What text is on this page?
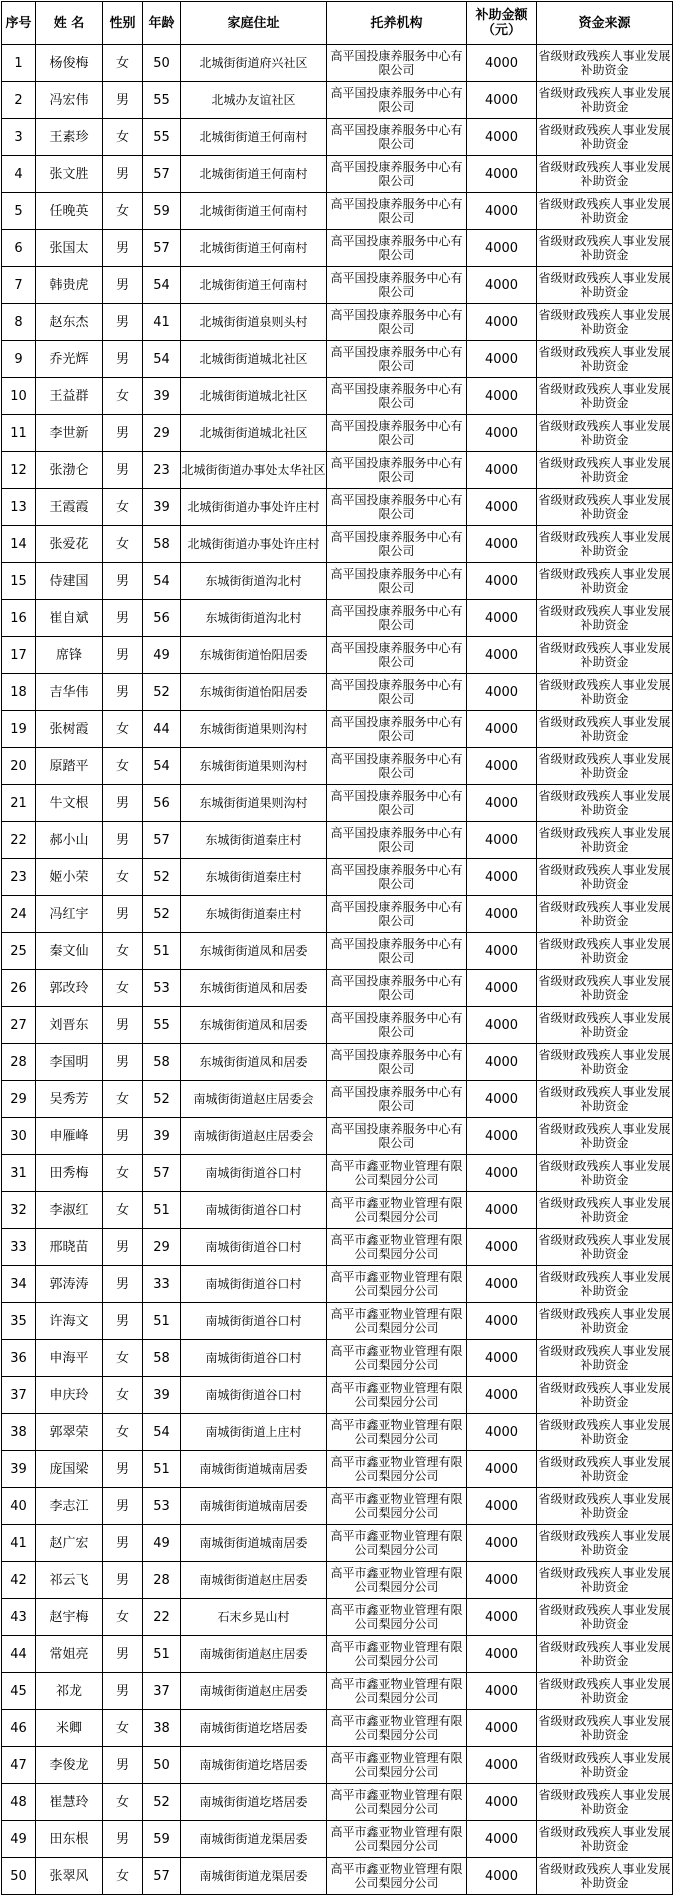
序号	姓 名	性别	年龄	家庭住址	托养机构	补助金额（元）	资金来源
1	杨俊梅	女	50	北城街街道府兴社区	高平国投康养服务中心有限公司	4000	省级财政残疾人事业发展补助资金
2	冯宏伟	男	55	北城办友谊社区	高平国投康养服务中心有限公司	4000	省级财政残疾人事业发展补助资金
3	王素珍	女	55	北城街街道王何南村	高平国投康养服务中心有限公司	4000	省级财政残疾人事业发展补助资金
4	张文胜	男	57	北城街街道王何南村	高平国投康养服务中心有限公司	4000	省级财政残疾人事业发展补助资金
5	任晚英	女	59	北城街街道王何南村	高平国投康养服务中心有限公司	4000	省级财政残疾人事业发展补助资金
6	张国太	男	57	北城街街道王何南村	高平国投康养服务中心有限公司	4000	省级财政残疾人事业发展补助资金
7	韩贵虎	男	54	北城街街道王何南村	高平国投康养服务中心有限公司	4000	省级财政残疾人事业发展补助资金
8	赵东杰	男	41	北城街街道泉则头村	高平国投康养服务中心有限公司	4000	省级财政残疾人事业发展补助资金
9	乔光辉	男	54	北城街街道城北社区	高平国投康养服务中心有限公司	4000	省级财政残疾人事业发展补助资金
10	王益群	女	39	北城街街道城北社区	高平国投康养服务中心有限公司	4000	省级财政残疾人事业发展补助资金
11	李世新	男	29	北城街街道城北社区	高平国投康养服务中心有限公司	4000	省级财政残疾人事业发展补助资金
12	张渤仑	男	23	北城街街道办事处太华社区	高平国投康养服务中心有限公司	4000	省级财政残疾人事业发展补助资金
13	王霞霞	女	39	北城街街道办事处许庄村	高平国投康养服务中心有限公司	4000	省级财政残疾人事业发展补助资金
14	张爱花	女	58	北城街街道办事处许庄村	高平国投康养服务中心有限公司	4000	省级财政残疾人事业发展补助资金
15	侍建国	男	54	东城街街道沟北村	高平国投康养服务中心有限公司	4000	省级财政残疾人事业发展补助资金
16	崔自斌	男	56	东城街街道沟北村	高平国投康养服务中心有限公司	4000	省级财政残疾人事业发展补助资金
17	席锋	男	49	东城街街道怡阳居委	高平国投康养服务中心有限公司	4000	省级财政残疾人事业发展补助资金
18	吉华伟	男	52	东城街街道怡阳居委	高平国投康养服务中心有限公司	4000	省级财政残疾人事业发展补助资金
19	张树霞	女	44	东城街街道果则沟村	高平国投康养服务中心有限公司	4000	省级财政残疾人事业发展补助资金
20	原踏平	女	54	东城街街道果则沟村	高平国投康养服务中心有限公司	4000	省级财政残疾人事业发展补助资金
21	牛文根	男	56	东城街街道果则沟村	高平国投康养服务中心有限公司	4000	省级财政残疾人事业发展补助资金
22	郝小山	男	57	东城街街道秦庄村	高平国投康养服务中心有限公司	4000	省级财政残疾人事业发展补助资金
23	姬小荣	女	52	东城街街道秦庄村	高平国投康养服务中心有限公司	4000	省级财政残疾人事业发展补助资金
24	冯红宇	男	52	东城街街道秦庄村	高平国投康养服务中心有限公司	4000	省级财政残疾人事业发展补助资金
25	秦文仙	女	51	东城街街道凤和居委	高平国投康养服务中心有限公司	4000	省级财政残疾人事业发展补助资金
26	郭改玲	女	53	东城街街道凤和居委	高平国投康养服务中心有限公司	4000	省级财政残疾人事业发展补助资金
27	刘晋东	男	55	东城街街道凤和居委	高平国投康养服务中心有限公司	4000	省级财政残疾人事业发展补助资金
28	李国明	男	58	东城街街道凤和居委	高平国投康养服务中心有限公司	4000	省级财政残疾人事业发展补助资金
29	吴秀芳	女	52	南城街街道赵庄居委会	高平国投康养服务中心有限公司	4000	省级财政残疾人事业发展补助资金
30	申雁峰	男	39	南城街街道赵庄居委会	高平国投康养服务中心有限公司	4000	省级财政残疾人事业发展补助资金
31	田秀梅	女	57	南城街街道谷口村	高平市鑫亚物业管理有限公司梨园分公司	4000	省级财政残疾人事业发展补助资金
32	李淑红	女	51	南城街街道谷口村	高平市鑫亚物业管理有限公司梨园分公司	4000	省级财政残疾人事业发展补助资金
33	邢晓苗	男	29	南城街街道谷口村	高平市鑫亚物业管理有限公司梨园分公司	4000	省级财政残疾人事业发展补助资金
34	郭涛涛	男	33	南城街街道谷口村	高平市鑫亚物业管理有限公司梨园分公司	4000	省级财政残疾人事业发展补助资金
35	许海文	男	51	南城街街道谷口村	高平市鑫亚物业管理有限公司梨园分公司	4000	省级财政残疾人事业发展补助资金
36	申海平	女	58	南城街街道谷口村	高平市鑫亚物业管理有限公司梨园分公司	4000	省级财政残疾人事业发展补助资金
37	申庆玲	女	39	南城街街道谷口村	高平市鑫亚物业管理有限公司梨园分公司	4000	省级财政残疾人事业发展补助资金
38	郭翠荣	女	54	南城街街道上庄村	高平市鑫亚物业管理有限公司梨园分公司	4000	省级财政残疾人事业发展补助资金
39	庞国梁	男	51	南城街街道城南居委	高平市鑫亚物业管理有限公司梨园分公司	4000	省级财政残疾人事业发展补助资金
40	李志江	男	53	南城街街道城南居委	高平市鑫亚物业管理有限公司梨园分公司	4000	省级财政残疾人事业发展补助资金
41	赵广宏	男	49	南城街街道城南居委	高平市鑫亚物业管理有限公司梨园分公司	4000	省级财政残疾人事业发展补助资金
42	祁云飞	男	28	南城街街道赵庄居委	高平市鑫亚物业管理有限公司梨园分公司	4000	省级财政残疾人事业发展补助资金
43	赵宇梅	女	22	石末乡晃山村	高平市鑫亚物业管理有限公司梨园分公司	4000	省级财政残疾人事业发展补助资金
44	常姐亮	男	51	南城街街道赵庄居委	高平市鑫亚物业管理有限公司梨园分公司	4000	省级财政残疾人事业发展补助资金
45	祁龙	男	37	南城街街道赵庄居委	高平市鑫亚物业管理有限公司梨园分公司	4000	省级财政残疾人事业发展补助资金
46	米卿	女	38	南城街街道圪塔居委	高平市鑫亚物业管理有限公司梨园分公司	4000	省级财政残疾人事业发展补助资金
47	李俊龙	男	50	南城街街道圪塔居委	高平市鑫亚物业管理有限公司梨园分公司	4000	省级财政残疾人事业发展补助资金
48	崔慧玲	女	52	南城街街道圪塔居委	高平市鑫亚物业管理有限公司梨园分公司	4000	省级财政残疾人事业发展补助资金
49	田东根	男	59	南城街街道龙渠居委	高平市鑫亚物业管理有限公司梨园分公司	4000	省级财政残疾人事业发展补助资金
50	张翠风	女	57	南城街街道龙渠居委	高平市鑫亚物业管理有限公司梨园分公司	4000	省级财政残疾人事业发展补助资金
